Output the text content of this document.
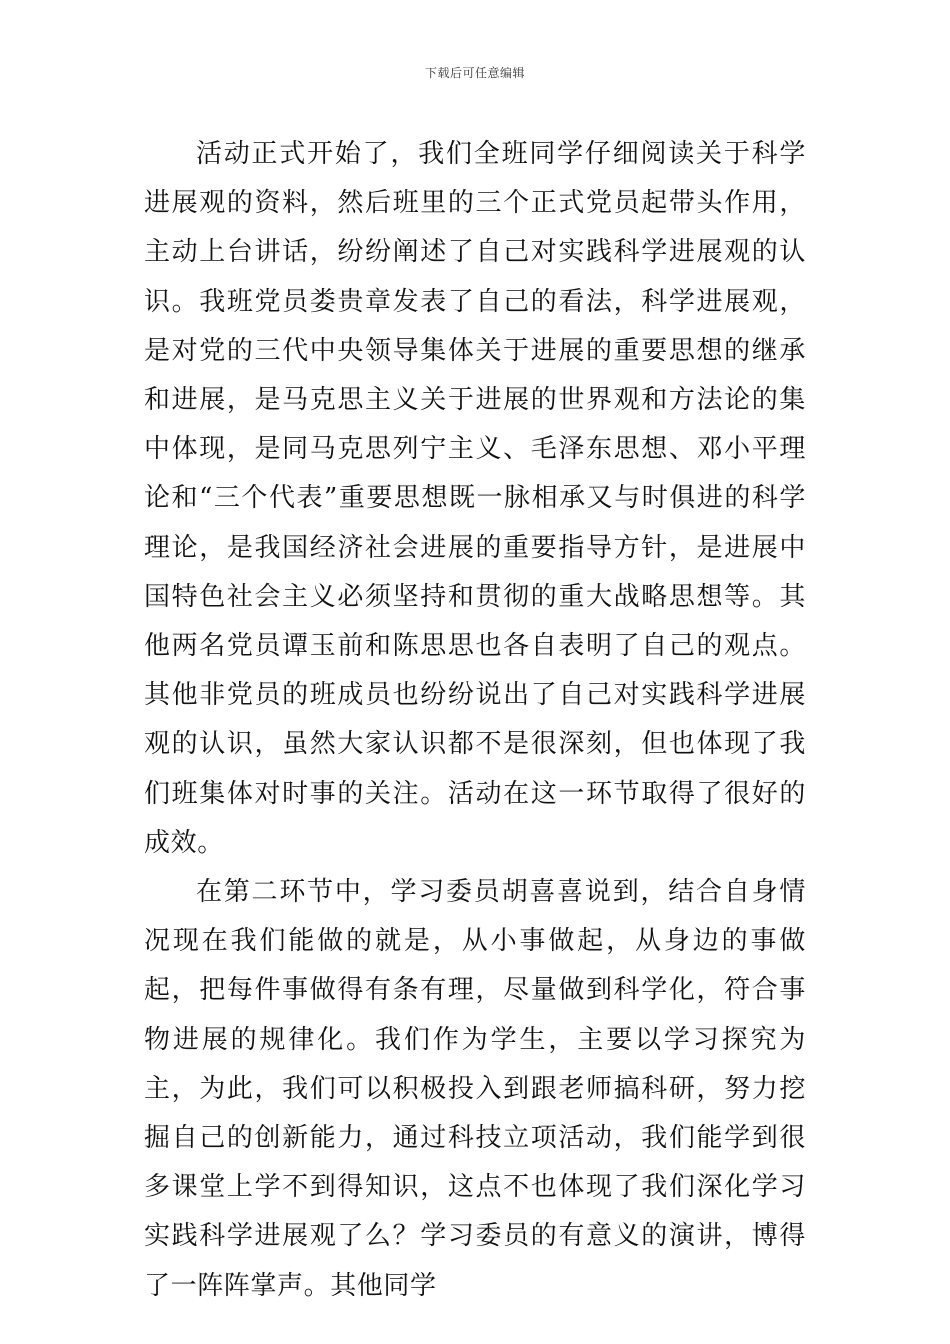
下载后可任意编辑

活动正式开始了，我们全班同学仔细阅读关于科学进展观的资料，然后班里的三个正式党员起带头作用，主动上台讲话，纷纷阐述了自己对实践科学进展观的认识。我班党员娄贵章发表了自己的看法，科学进展观，是对党的三代中央领导集体关于进展的重要思想的继承和进展，是马克思主义关于进展的世界观和方法论的集中体现，是同马克思列宁主义、毛泽东思想、邓小平理论和“三个代表”重要思想既一脉相承又与时俱进的科学理论，是我国经济社会进展的重要指导方针，是进展中国特色社会主义必须坚持和贯彻的重大战略思想等。其他两名党员谭玉前和陈思思也各自表明了自己的观点。其他非党员的班成员也纷纷说出了自己对实践科学进展观的认识，虽然大家认识都不是很深刻，但也体现了我们班集体对时事的关注。活动在这一环节取得了很好的成效。

在第二环节中，学习委员胡喜喜说到，结合自身情况现在我们能做的就是，从小事做起，从身边的事做起，把每件事做得有条有理，尽量做到科学化，符合事物进展的规律化。我们作为学生，主要以学习探究为主，为此，我们可以积极投入到跟老师搞科研，努力挖掘自己的创新能力，通过科技立项活动，我们能学到很多课堂上学不到得知识，这点不也体现了我们深化学习实践科学进展观了么？学习委员的有意义的演讲，博得了一阵阵掌声。其他同学
